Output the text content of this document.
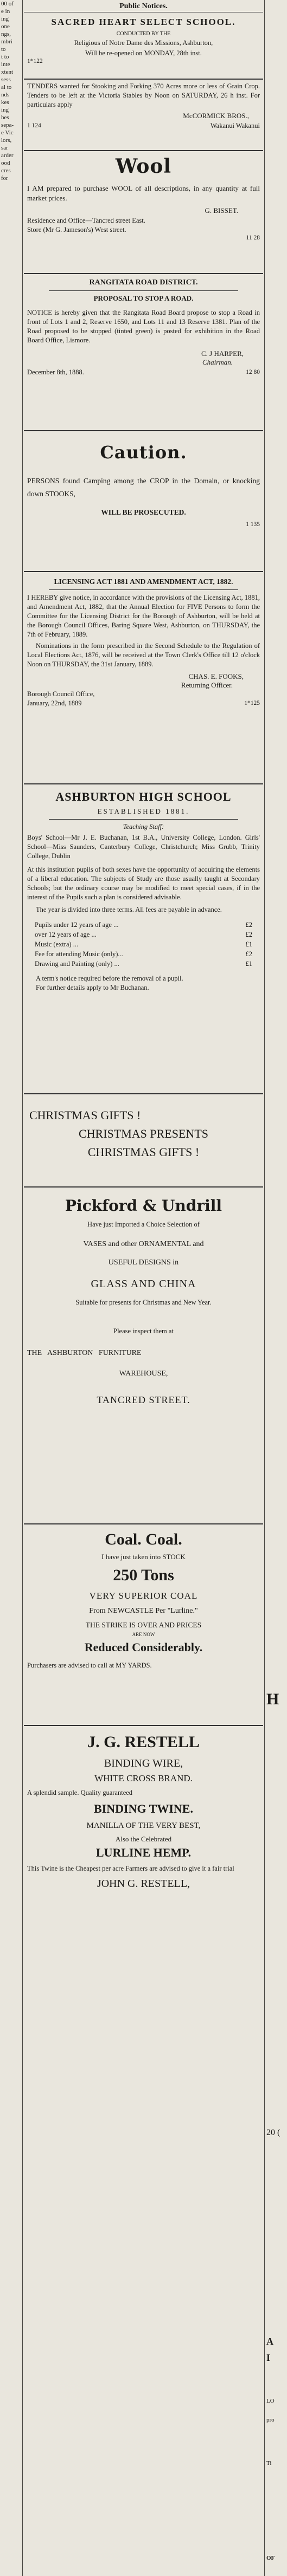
00 of
e in
ing
one
ngs,
mbri
to
t to
inte
xtent
sess
al to
nds
kes
ing
hes
sepa-
e Vic
lors,
sar
arder
ood
cres
for
H
20 (
A
I
LO
pro
Ti
OF
Public Notices.
SACRED HEART SELECT SCHOOL.
CONDUCTED BY THE
Religious of Notre Dame des Missions, Ashburton,
Will be re-opened on MONDAY, 28th inst.
1*122
TENDERS wanted for Stooking and Forking 370 Acres more or less of Grain Crop. Tenders to be left at the Victoria Stables by Noon on SATURDAY, 26 h inst. For particulars apply
McCORMICK BROS.,
1 124	Wakanui Wakanui
Wool
I AM prepared to purchase WOOL of all descriptions, in any quantity at full market prices.
G. BISSET.
Residence and Office—Tancred street East.
Store (Mr G. Jameson's) West street.
11 28
RANGITATA ROAD DISTRICT.
PROPOSAL TO STOP A ROAD.
NOTICE is hereby given that the Rangitata Road Board propose to stop a Road in front of Lots 1 and 2, Reserve 1650, and Lots 11 and 13 Reserve 1381. Plan of the Road proposed to be stopped (tinted green) is posted for exhibition in the Road Board Office, Lismore.
C. J HARPER,
Chairman.
December 8th, 1888.	12 80
Caution.
PERSONS found Camping among the CROP in the Domain, or knocking down STOOKS,
WILL BE PROSECUTED.
1 135
LICENSING ACT 1881 AND AMENDMENT ACT, 1882.
I HEREBY give notice, in accordance with the provisions of the Licensing Act, 1881, and Amendment Act, 1882, that the Annual Election for FIVE Persons to form the Committee for the Licensing District for the Borough of Ashburton, will be held at the Borough Council Offices, Baring Square West, Ashburton, on THURSDAY, the 7th of February, 1889.
Nominations in the form prescribed in the Second Schedule to the Regulation of Local Elections Act, 1876, will be received at the Town Clerk's Office till 12 o'clock Noon on THURSDAY, the 31st January, 1889.
CHAS. E. FOOKS,
Returning Officer.
Borough Council Office,
January, 22nd, 1889	1*125
ASHBURTON HIGH SCHOOL
ESTABLISHED 1881.
Teaching Staff:
Boys' School—Mr J. E. Buchanan, 1st B.A., University College, London. Girls' School—Miss Saunders, Canterbury College, Christchurch; Miss Grubb, Trinity College, Dublin
At this institution pupils of both sexes have the opportunity of acquiring the elements of a liberal education. The subjects of Study are those usually taught at Secondary Schools; but the ordinary course may be modified to meet special cases, if in the interest of the Pupils such a plan is considered advisable.
The year is divided into three terms. All fees are payable in advance.
Pupils under 12 years of age ...	£2
over 12 years of age ...	£2
Music (extra) ...	£1
Fee for attending Music (only)...	£2
Drawing and Painting (only) ...	£1
A term's notice required before the removal of a pupil.
For further details apply to Mr Buchanan.
CHRISTMAS GIFTS !
CHRISTMAS PRESENTS
CHRISTMAS GIFTS !
Pickford & Undrill
Have just Imported a Choice Selection of
VASES and other ORNAMENTAL and
USEFUL DESIGNS in
GLASS AND CHINA
Suitable for presents for Christmas and New Year.
Please inspect them at
THE   ASHBURTON   FURNITURE
WAREHOUSE,
TANCRED STREET.
Coal. Coal.
I have just taken into STOCK
250 Tons
VERY SUPERIOR COAL
From NEWCASTLE Per "Lurline."
THE STRIKE IS OVER AND PRICES
ARE NOW
Reduced Considerably.
Purchasers are advised to call at MY YARDS.
J. G. RESTELL
BINDING WIRE,
WHITE CROSS BRAND.
A splendid sample. Quality guaranteed
BINDING TWINE.
MANILLA OF THE VERY BEST,
Also the Celebrated
LURLINE HEMP.
This Twine is the Cheapest per acre Farmers are advised to give it a fair trial
JOHN G. RESTELL,
